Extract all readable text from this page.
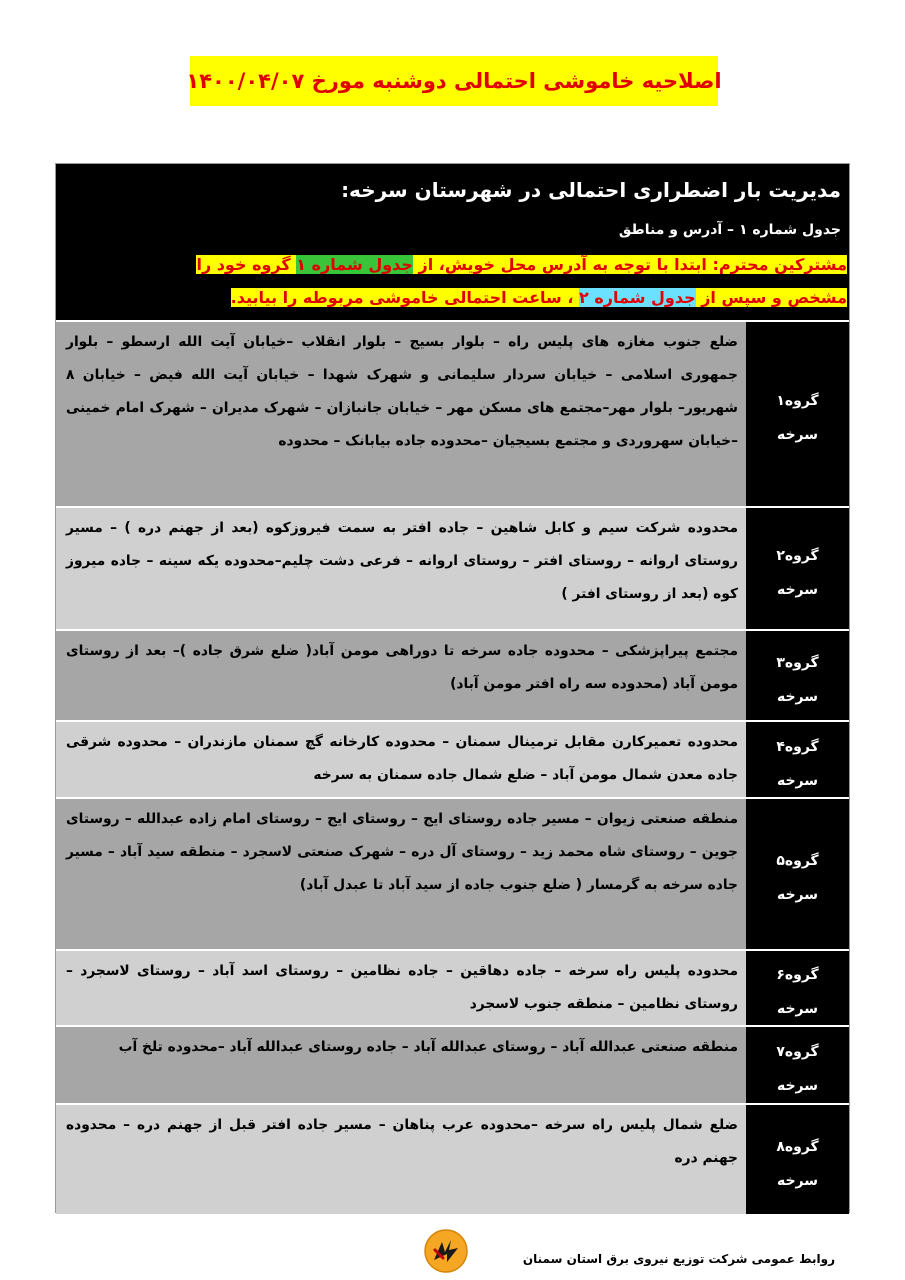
اصلاحیه خاموشی احتمالی دوشنبه مورخ ۱۴۰۰/۰۴/۰۷
مدیریت بار اضطراری احتمالی در شهرستان سرخه:
جدول شماره ۱ – آدرس و مناطق
مشترکین محترم: ابتدا با توجه به آدرس محل خویش، از جدول شماره ۱ گروه خود را
مشخص و سپس از جدول شماره ۲ ، ساعت احتمالی خاموشی مربوطه را بیابید.
گروه۱
سرخه
ضلع جنوب مغازه های پلیس راه – بلوار بسیج – بلوار انقلاب –خیابان آیت الله ارسطو – بلوار جمهوری اسلامی – خیابان سردار سلیمانی و شهرک شهدا – خیابان آیت الله فیض – خیابان ۸ شهریور– بلوار مهر–مجتمع های مسکن مهر – خیابان جانبازان – شهرک مدیران – شهرک امام خمینی –خیابان سهروردی و مجتمع بسیجیان –محدوده جاده بیابانک – محدوده
گروه۲
سرخه
محدوده شرکت سیم و کابل شاهین – جاده افتر به سمت فیروزکوه (بعد از جهنم دره ) – مسیر روستای اروانه – روستای افتر – روستای اروانه – فرعی دشت چلیم–محدوده یکه سینه – جاده میروز کوه (بعد از روستای افتر )
گروه۳
سرخه
مجتمع پیراپزشکی – محدوده جاده سرخه تا دوراهی مومن آباد( ضلع شرق جاده )– بعد از روستای مومن آباد (محدوده سه راه افتر مومن آباد)
گروه۴
سرخه
محدوده تعمیرکارن مقابل ترمینال سمنان – محدوده کارخانه گچ سمنان مازندران – محدوده شرقی جاده معدن شمال مومن آباد – ضلع شمال جاده سمنان به سرخه
گروه۵
سرخه
منطقه صنعتی زیوان – مسیر جاده روستای ایج – روستای ایج – روستای امام زاده عبدالله – روستای جوین – روستای شاه محمد زید – روستای آل دره – شهرک صنعتی لاسجرد – منطقه سید آباد – مسیر جاده سرخه به گرمسار ( ضلع جنوب جاده از سید آباد تا عبدل آباد)
گروه۶
سرخه
محدوده پلیس راه سرخه – جاده دهاقین – جاده نظامین – روستای اسد آباد – روستای لاسجرد – روستای نظامین – منطقه جنوب لاسجرد
گروه۷
سرخه
منطقه صنعتی عبدالله آباد – روستای عبدالله آباد – جاده روستای عبدالله آباد –محدوده تلخ آب
گروه۸
سرخه
ضلع شمال پلیس راه سرخه –محدوده عرب پناهان – مسیر جاده افتر قبل از جهنم دره – محدوده جهنم دره
روابط عمومی شرکت توزیع نیروی برق استان سمنان
